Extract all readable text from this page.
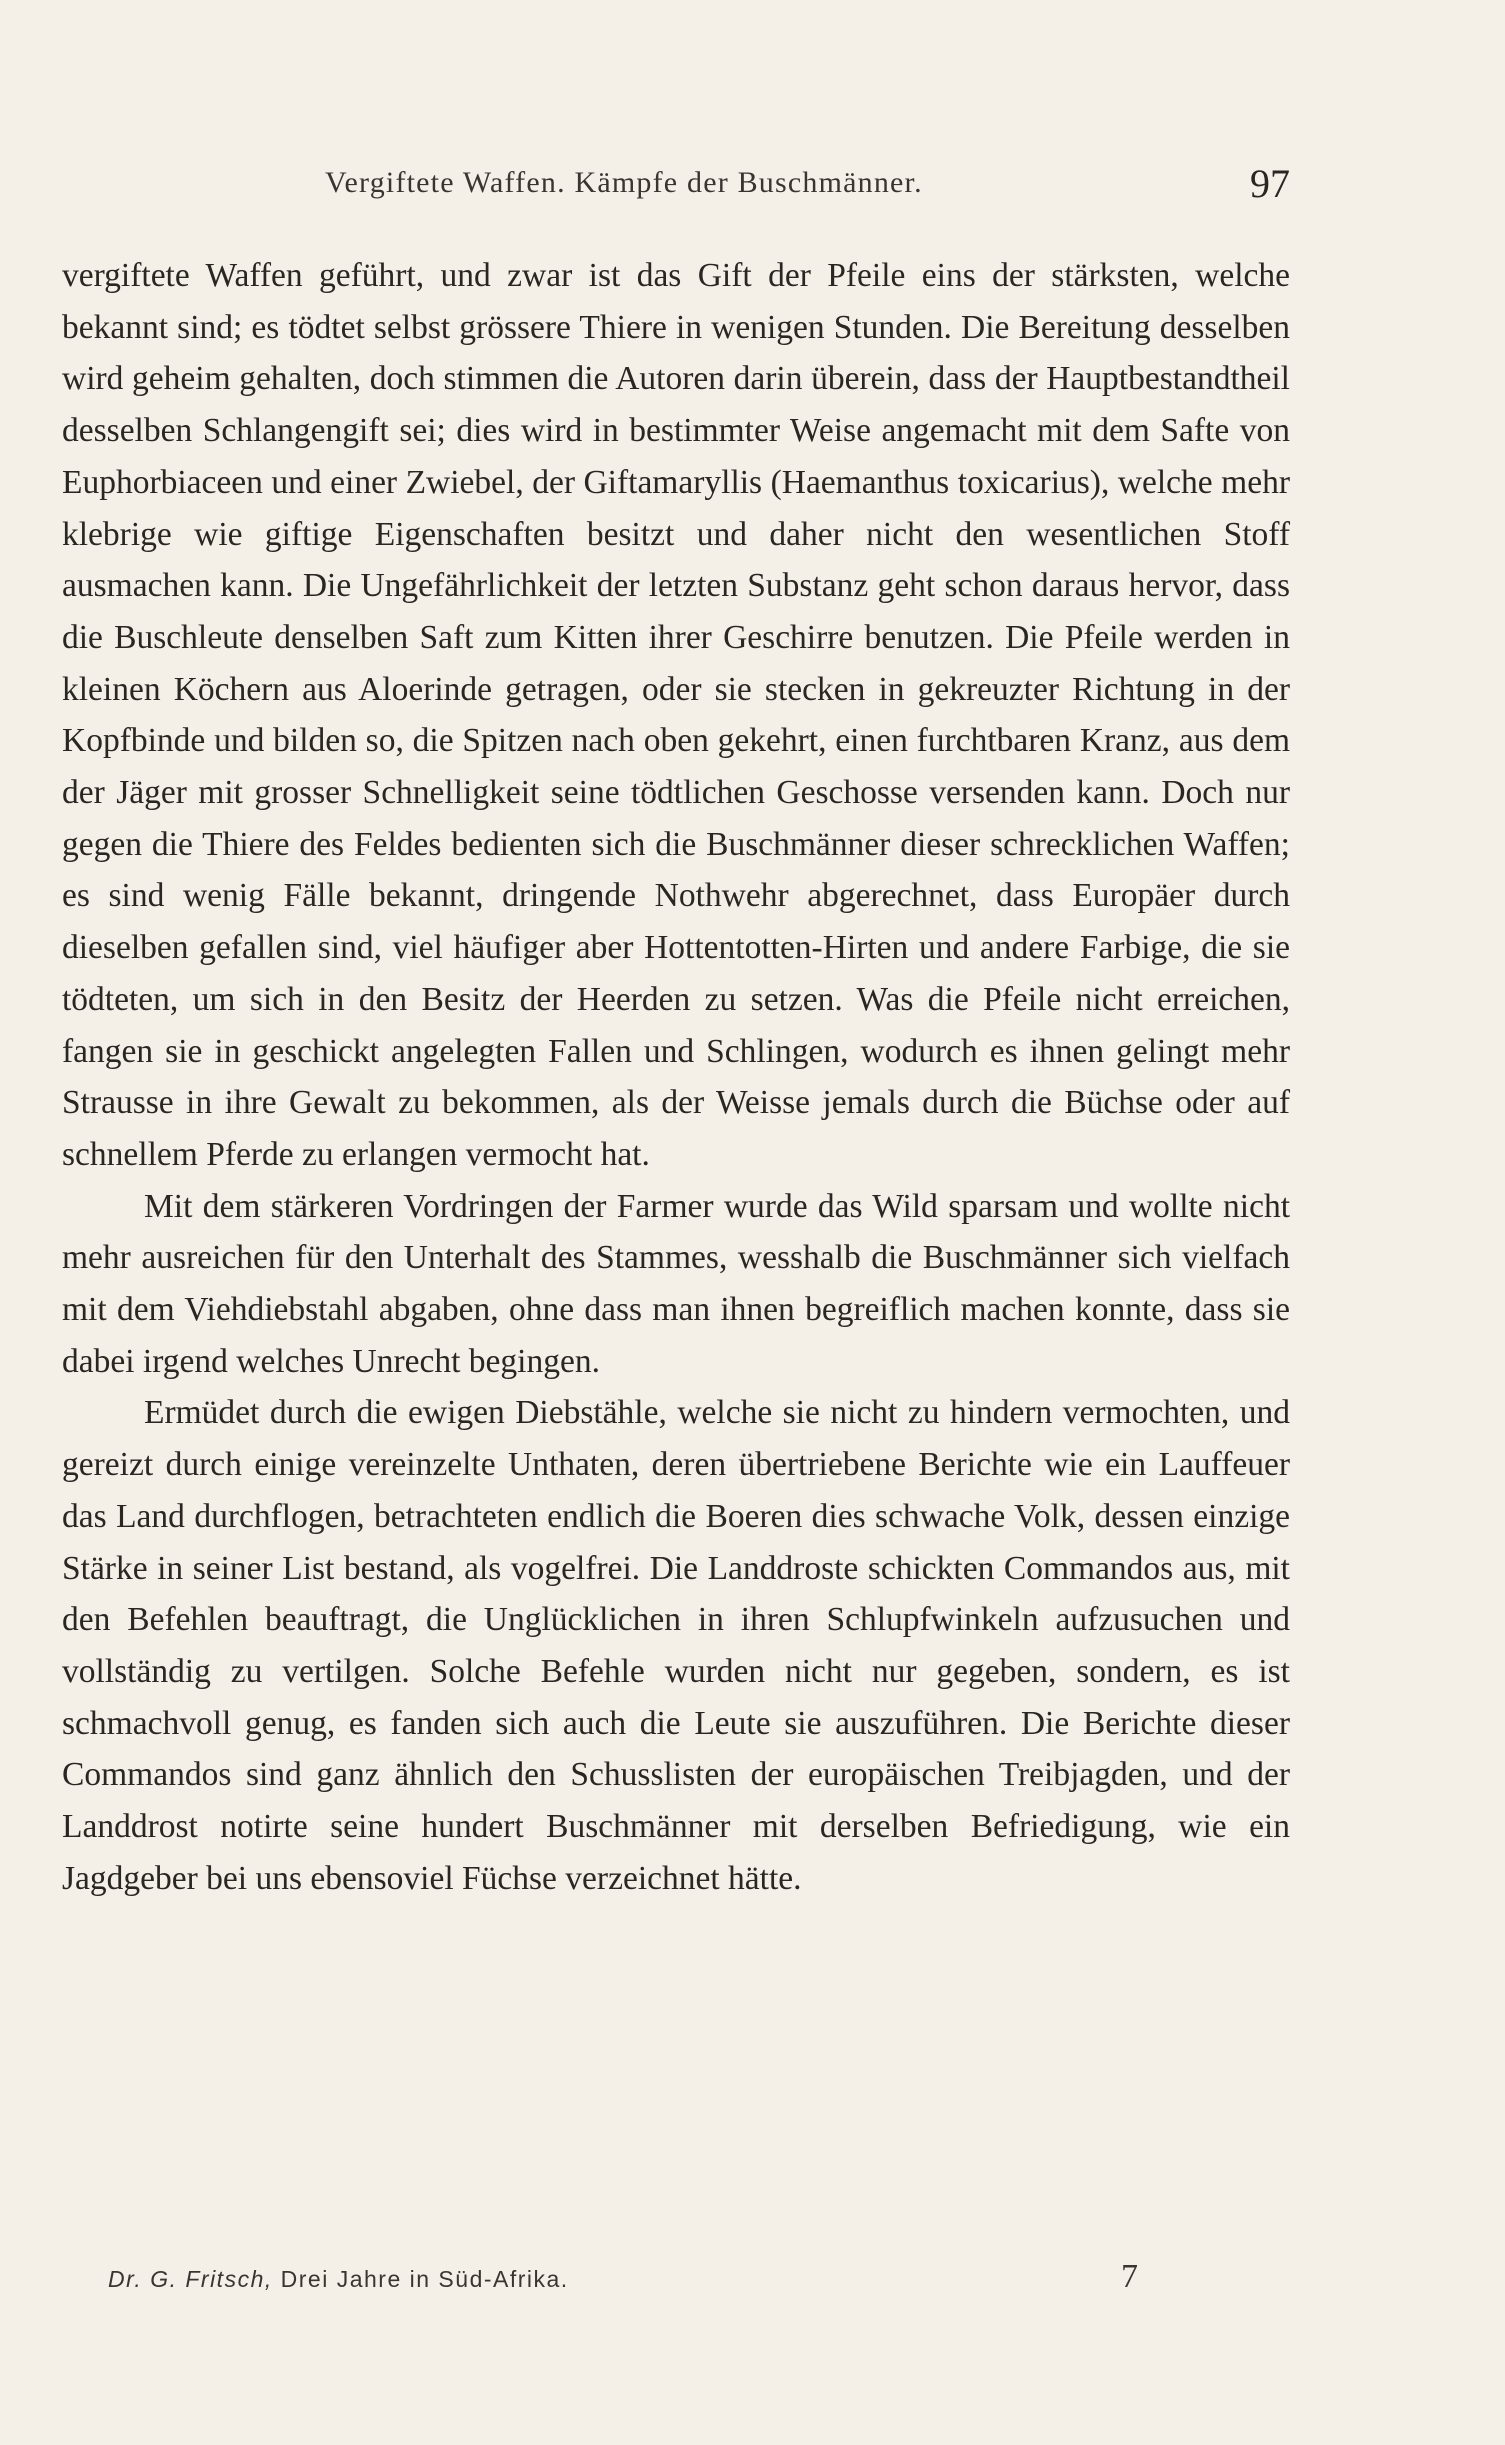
Vergiftete Waffen. Kämpfe der Buschmänner.	97

vergiftete Waffen geführt, und zwar ist das Gift der Pfeile eins der stärksten, welche bekannt sind; es tödtet selbst grössere Thiere in wenigen Stunden. Die Bereitung desselben wird geheim gehalten, doch stimmen die Autoren darin überein, dass der Hauptbestandtheil desselben Schlangengift sei; dies wird in bestimmter Weise angemacht mit dem Safte von Euphorbiaceen und einer Zwiebel, der Giftamaryllis (Haemanthus toxicarius), welche mehr klebrige wie giftige Eigenschaften besitzt und daher nicht den wesentlichen Stoff ausmachen kann. Die Ungefährlichkeit der letzten Substanz geht schon daraus hervor, dass die Buschleute denselben Saft zum Kitten ihrer Geschirre benutzen. Die Pfeile werden in kleinen Köchern aus Aloerinde getragen, oder sie stecken in gekreuzter Richtung in der Kopfbinde und bilden so, die Spitzen nach oben gekehrt, einen furchtbaren Kranz, aus dem der Jäger mit grosser Schnelligkeit seine tödtlichen Geschosse versenden kann. Doch nur gegen die Thiere des Feldes bedienten sich die Buschmänner dieser schrecklichen Waffen; es sind wenig Fälle bekannt, dringende Nothwehr abgerechnet, dass Europäer durch dieselben gefallen sind, viel häufiger aber Hottentotten-Hirten und andere Farbige, die sie tödteten, um sich in den Besitz der Heerden zu setzen. Was die Pfeile nicht erreichen, fangen sie in geschickt angelegten Fallen und Schlingen, wodurch es ihnen gelingt mehr Strausse in ihre Gewalt zu bekommen, als der Weisse jemals durch die Büchse oder auf schnellem Pferde zu erlangen vermocht hat.

Mit dem stärkeren Vordringen der Farmer wurde das Wild sparsam und wollte nicht mehr ausreichen für den Unterhalt des Stammes, wesshalb die Buschmänner sich vielfach mit dem Viehdiebstahl abgaben, ohne dass man ihnen begreiflich machen konnte, dass sie dabei irgend welches Unrecht begingen.

Ermüdet durch die ewigen Diebstähle, welche sie nicht zu hindern vermochten, und gereizt durch einige vereinzelte Unthaten, deren übertriebene Berichte wie ein Lauffeuer das Land durchflogen, betrachteten endlich die Boeren dies schwache Volk, dessen einzige Stärke in seiner List bestand, als vogelfrei. Die Landdroste schickten Commandos aus, mit den Befehlen beauftragt, die Unglücklichen in ihren Schlupfwinkeln aufzusuchen und vollständig zu vertilgen. Solche Befehle wurden nicht nur gegeben, sondern, es ist schmachvoll genug, es fanden sich auch die Leute sie auszuführen. Die Berichte dieser Commandos sind ganz ähnlich den Schusslisten der europäischen Treibjagden, und der Landdrost notirte seine hundert Buschmänner mit derselben Befriedigung, wie ein Jagdgeber bei uns ebensoviel Füchse verzeichnet hätte.

Dr. G. Fritsch, Drei Jahre in Süd-Afrika.	7
